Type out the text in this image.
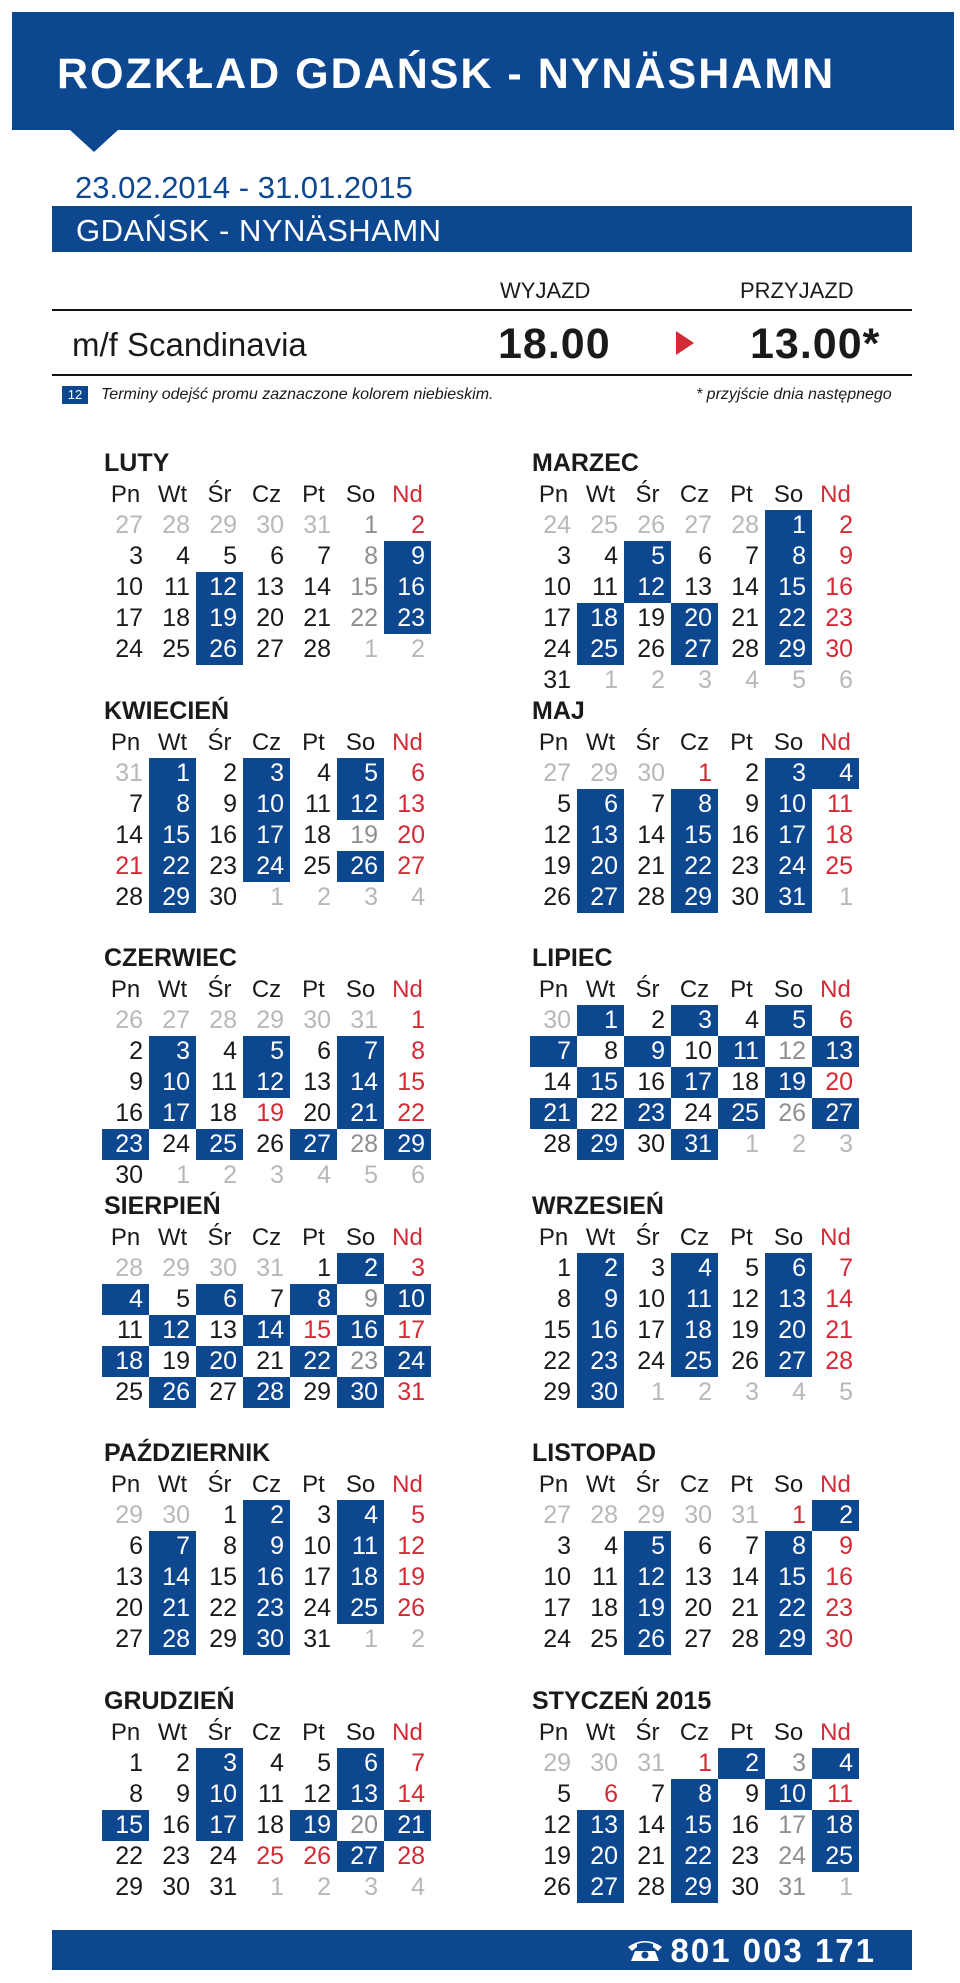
ROZKŁAD GDAŃSK - NYNÄSHAMN
23.02.2014 - 31.01.2015
GDAŃSK - NYNÄSHAMN
WYJAZD	PRZYJAZD
m/f Scandinavia	18.00	13.00*
12	Terminy odejść promu zaznaczone kolorem niebieskim.	* przyjście dnia następnego
LUTY
Pn Wt Śr Cz Pt So Nd
27 28 29 30 31	1	2
3	4	5	6	7	8	9
10 11 12 13 14 15 16
17 18 19 20 21 22 23
24 25 26 27 28	1	2
MARZEC
Pn Wt Śr Cz Pt So Nd
24 25 26 27 28	1	2
3	4	5	6	7	8	9
10 11 12 13 14 15 16
17 18 19 20 21 22 23
24 25 26 27 28 29 30
31	1	2	3	4	5	6
KWIECIEŃ
Pn Wt Śr Cz Pt So Nd
31	1	2	3	4	5	6
7	8	9 10 11 12 13
14 15 16 17 18 19 20
21 22 23 24 25 26 27
28 29 30	1	2	3	4
MAJ
Pn Wt Śr Cz Pt So Nd
27 29 30	1	2	3	4
5	6	7	8	9 10 11
12 13 14 15 16 17 18
19 20 21 22 23 24 25
26 27 28 29 30 31	1
CZERWIEC
Pn Wt Śr Cz Pt So Nd
26 27 28 29 30 31	1
2	3	4	5	6	7	8
9 10 11 12 13 14 15
16 17 18 19 20 21 22
23 24 25 26 27 28 29
30	1	2	3	4	5	6
LIPIEC
Pn Wt Śr Cz Pt So Nd
30	1	2	3	4	5	6
7	8	9 10 11 12 13
14 15 16 17 18 19 20
21 22 23 24 25 26 27
28 29 30 31	1	2	3
SIERPIEŃ
Pn Wt Śr Cz Pt So Nd
28 29 30 31	1	2	3
4	5	6	7	8	9 10
11 12 13 14 15 16 17
18 19 20 21 22 23 24
25 26 27 28 29 30 31
WRZESIEŃ
Pn Wt Śr Cz Pt So Nd
1	2	3	4	5	6	7
8	9 10 11 12 13 14
15 16 17 18 19 20 21
22 23 24 25 26 27 28
29 30	1	2	3	4	5
PAŹDZIERNIK
Pn Wt Śr Cz Pt So Nd
29 30	1	2	3	4	5
6	7	8	9 10 11 12
13 14 15 16 17 18 19
20 21 22 23 24 25 26
27 28 29 30 31	1	2
LISTOPAD
Pn Wt Śr Cz Pt So Nd
27 28 29 30 31	1	2
3	4	5	6	7	8	9
10 11 12 13 14 15 16
17 18 19 20 21 22 23
24 25 26 27 28 29 30
GRUDZIEŃ
Pn Wt Śr Cz Pt So Nd
1	2	3	4	5	6	7
8	9 10 11 12 13 14
15 16 17 18 19 20 21
22 23 24 25 26 27 28
29 30 31	1	2	3	4
STYCZEŃ 2015
Pn Wt Śr Cz Pt So Nd
29 30 31	1	2	3	4
5	6	7	8	9 10 11
12 13 14 15 16 17 18
19 20 21 22 23 24 25
26 27 28 29 30 31	1
801 003 171
